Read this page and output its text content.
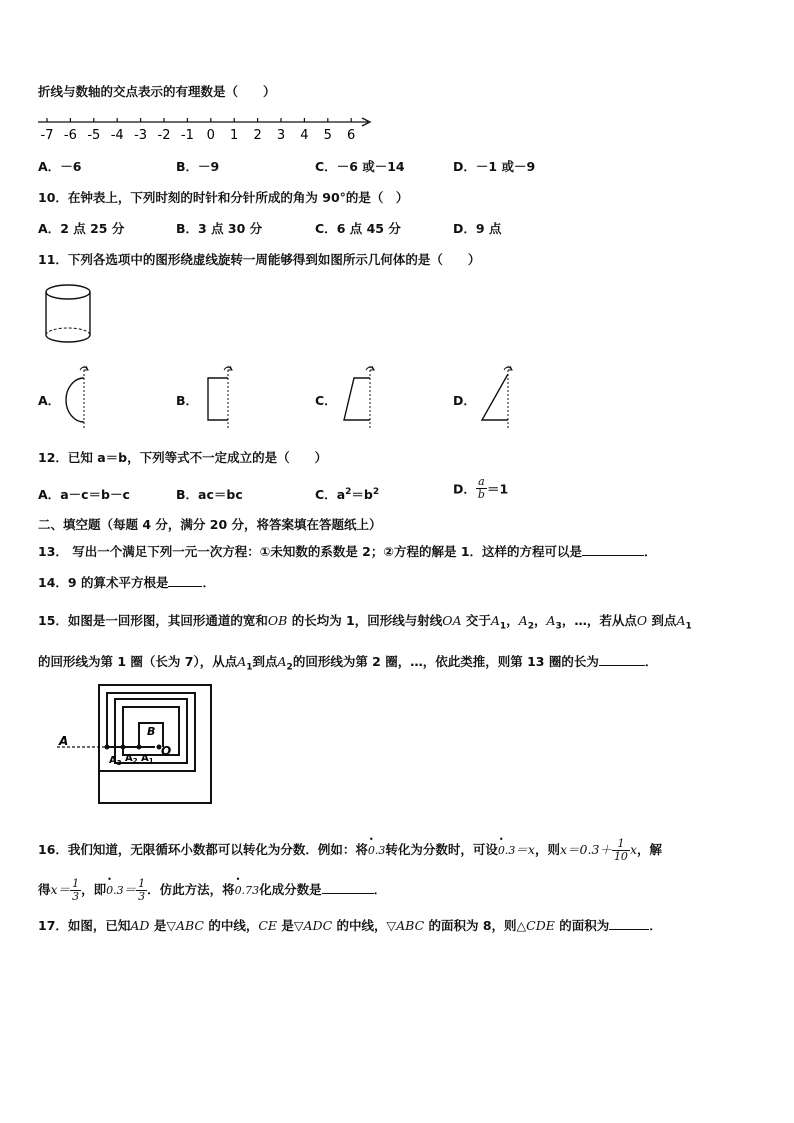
折线与数轴的交点表示的有理数是（　　）
-7 -6 -5 -4 -3 -2 -1 0 1 2 3 4 5 6
A．－6	B．－9	C．－6 或－14	D．－1 或－9
10．在钟表上，下列时刻的时针和分针所成的角为 90°的是（　）
A．2 点 25 分	B．3 点 30 分	C．6 点 45 分	D．9 点
11．下列各选项中的图形绕虚线旋转一周能够得到如图所示几何体的是（　　）
A．	B．	C．	D．
12．已知 a＝b，下列等式不一定成立的是（　　）
A．a－c＝b－c	B．ac＝bc	C．$a^2=b^2$	D． $\frac{a}{b} =1$
二、填空题（每题 4 分，满分 20 分，将答案填在答题纸上）
13． 写出一个满足下列一元一次方程：①未知数的系数是 2；②方程的解是 1．这样的方程可以是	．
14．9 的算术平方根是	．
15．如图是一回形图，其回形通道的宽和OB 的长均为 1，回形线与射线OA 交于$A_1$，$A_2$，$A_3$，…，若从点O 到点$A_1$
的回形线为第 1 圈（长为 7），从点$A_1$到点$A_2$的回形线为第 2 圈，…，依此类推，则第 13 圈的长为	．
A
B
O
$A_1$
$A_2$
$A_3$
16．我们知道，无限循环小数都可以转化为分数．例如：将• 0.3转化为分数时，可设• 0.3＝x，则$x=0.3+ \frac{1}{10}$ x，解
得$x= \frac{1}{3}$ ，即• $0.3= \frac{1}{3}$ ．仿此方法，将• 0.73化成分数是	．
17．如图，已知AD 是▽ABC 的中线，CE 是▽ADC 的中线，▽ABC 的面积为 8，则△CDE 的面积为	．
